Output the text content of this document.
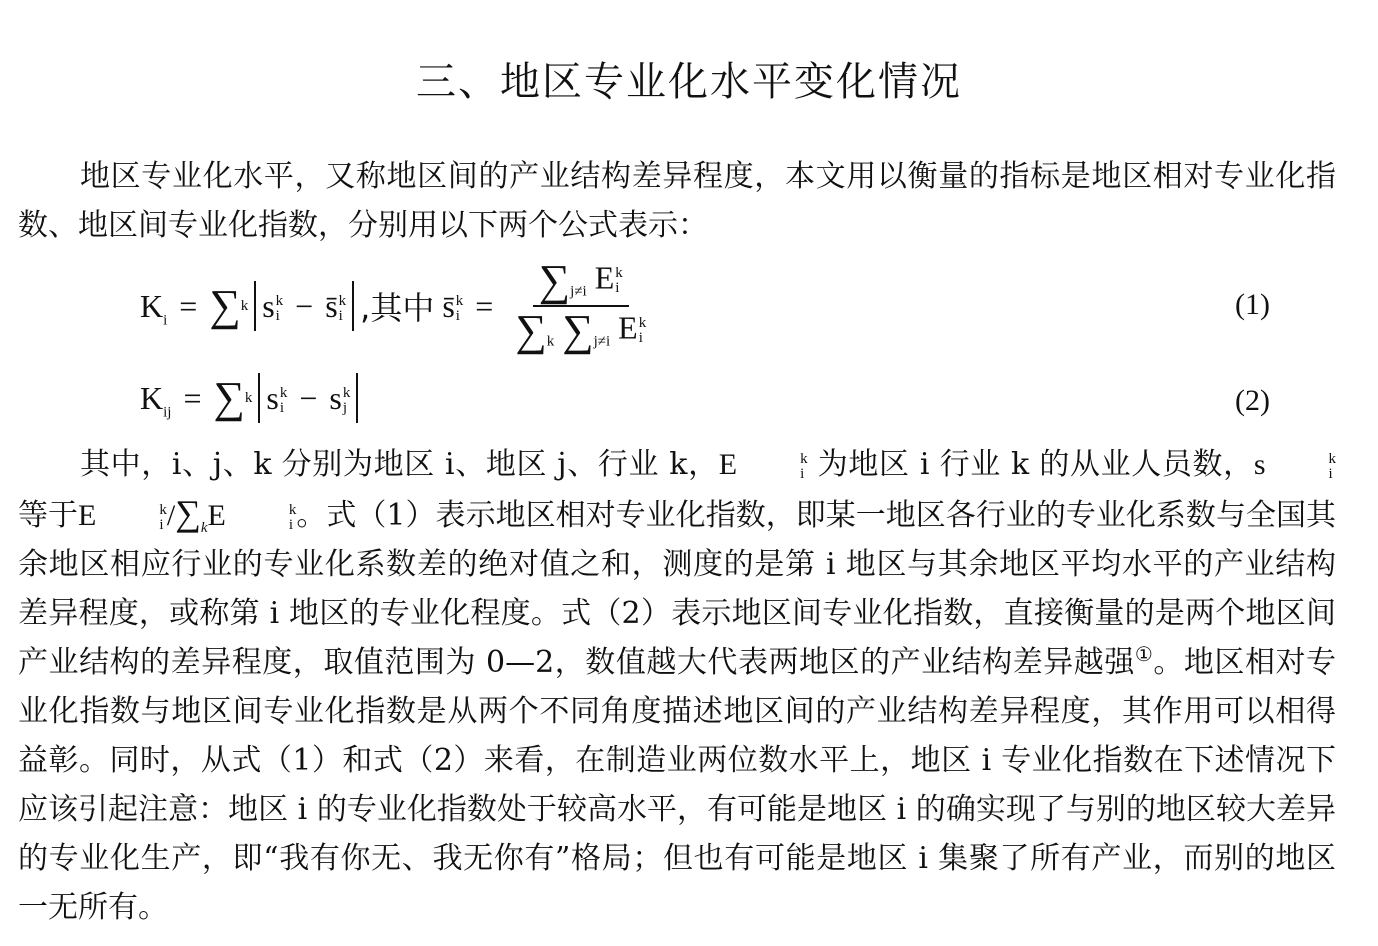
三、地区专业化水平变化情况

地区专业化水平，又称地区间的产业结构差异程度，本文用以衡量的指标是地区相对专业化指数、地区间专业化指数，分别用以下两个公式表示：

$K_i$ = ∑ k s k
i − s̄ k
i ,其中 s̄ k
$i = \sum_{j\ne i}$ E k
i
$\sum_k$ $\sum_{j\ne i}$ E k
i	(1)
$K_{ij}$ = ∑ k s k
i − s k
j	(2)

其中，i、j、k 分别为地区 i、地区 j、行业 k，E	k
i 为地区 i 行业 k 的从业人员数，s	k
i
等于E	k
i $/\sum_kE$	k
i 。式（1）表示地区相对专业化指数，即某一地区各行业的专业化系数与全国其余地区相应行业的专业化系数差的绝对值之和，测度的是第 i 地区与其余地区平均水平的产业结构差异程度，或称第 i 地区的专业化程度。式（2）表示地区间专业化指数，直接衡量的是两个地区间产业结构的差异程度，取值范围为 0—2，数值越大代表两地区的产业结构差异越强①。地区相对专业化指数与地区间专业化指数是从两个不同角度描述地区间的产业结构差异程度，其作用可以相得益彰。同时，从式（1）和式（2）来看，在制造业两位数水平上，地区 i 专业化指数在下述情况下应该引起注意：地区 i 的专业化指数处于较高水平，有可能是地区 i 的确实现了与别的地区较大差异的专业化生产，即“我有你无、我无你有”格局；但也有可能是地区 i 集聚了所有产业，而别的地区一无所有。
